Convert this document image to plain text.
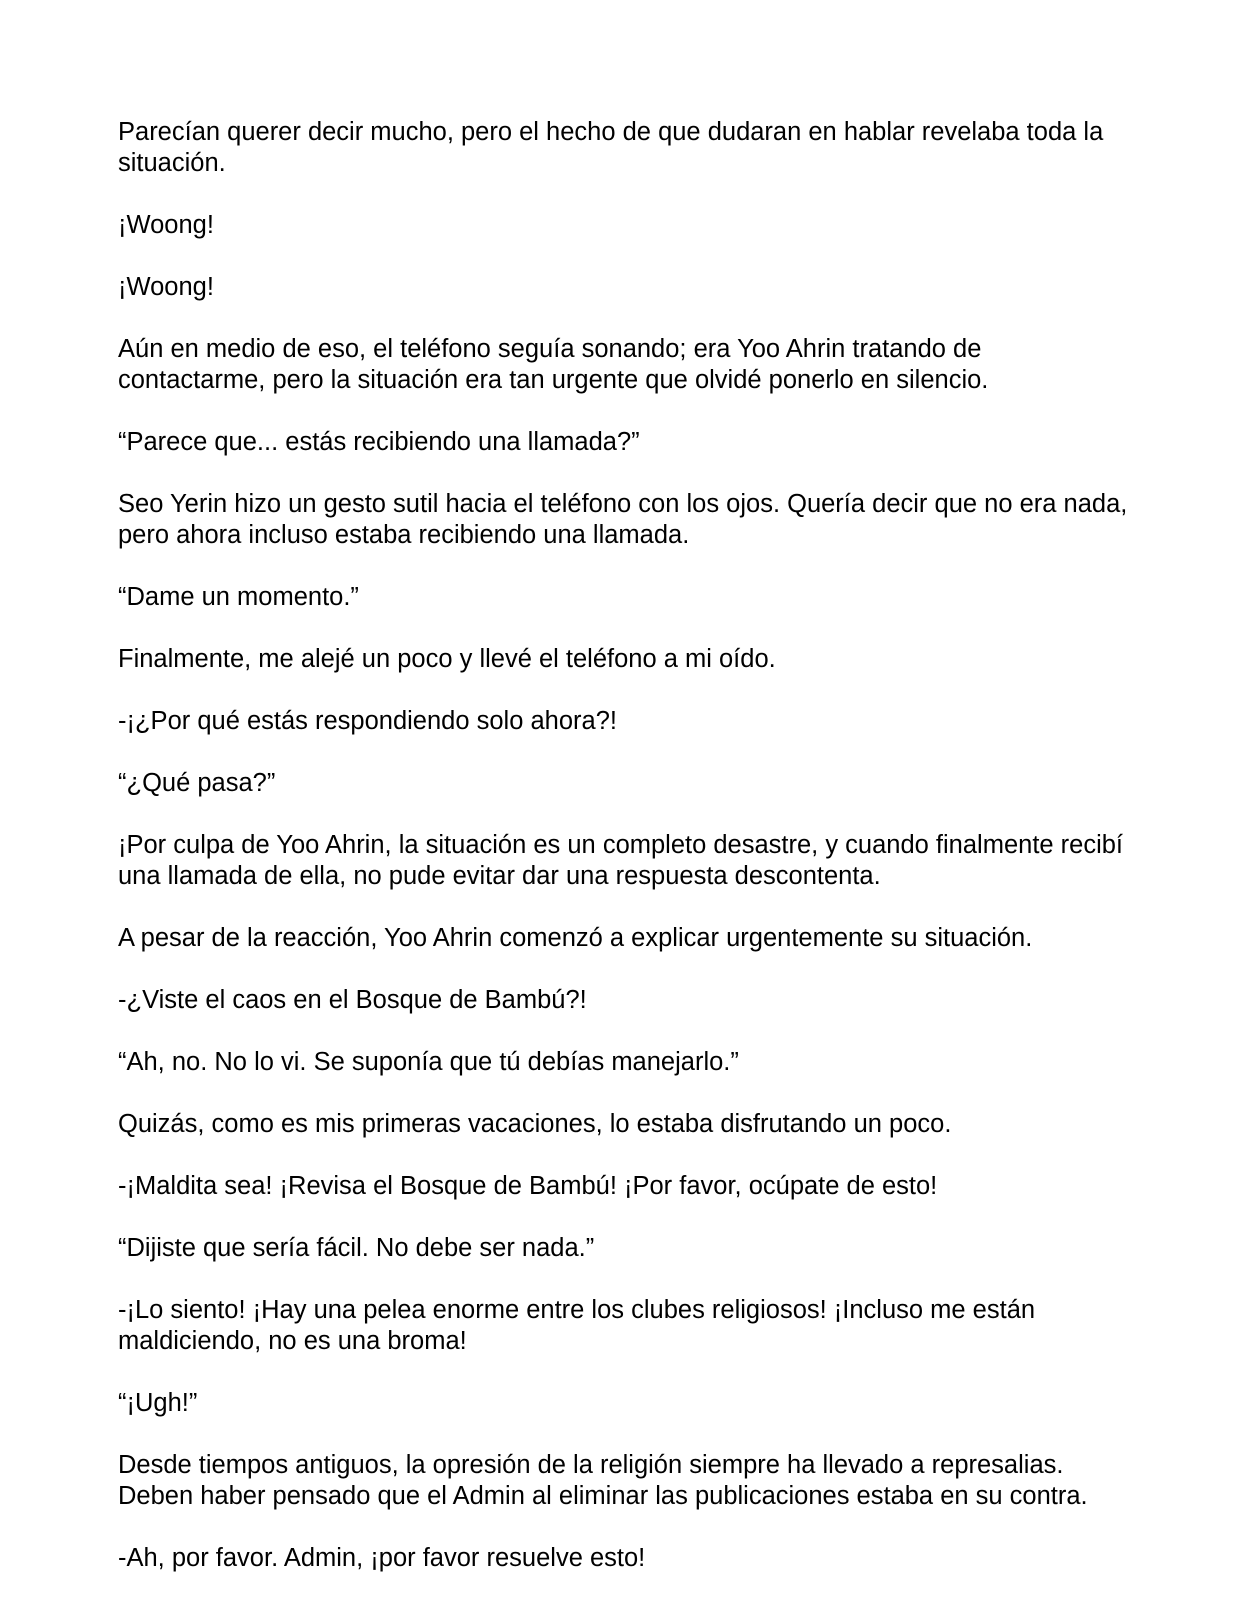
Parecían querer decir mucho, pero el hecho de que dudaran en hablar revelaba toda la situación.

¡Woong!

¡Woong!

Aún en medio de eso, el teléfono seguía sonando; era Yoo Ahrin tratando de contactarme, pero la situación era tan urgente que olvidé ponerlo en silencio.

“Parece que... estás recibiendo una llamada?”

Seo Yerin hizo un gesto sutil hacia el teléfono con los ojos. Quería decir que no era nada, pero ahora incluso estaba recibiendo una llamada.

“Dame un momento.”

Finalmente, me alejé un poco y llevé el teléfono a mi oído.

-¡¿Por qué estás respondiendo solo ahora?!

“¿Qué pasa?”

¡Por culpa de Yoo Ahrin, la situación es un completo desastre, y cuando finalmente recibí una llamada de ella, no pude evitar dar una respuesta descontenta.

A pesar de la reacción, Yoo Ahrin comenzó a explicar urgentemente su situación.

-¿Viste el caos en el Bosque de Bambú?!

“Ah, no. No lo vi. Se suponía que tú debías manejarlo.”

Quizás, como es mis primeras vacaciones, lo estaba disfrutando un poco.

-¡Maldita sea! ¡Revisa el Bosque de Bambú! ¡Por favor, ocúpate de esto!

“Dijiste que sería fácil. No debe ser nada.”

-¡Lo siento! ¡Hay una pelea enorme entre los clubes religiosos! ¡Incluso me están maldiciendo, no es una broma!

“¡Ugh!”

Desde tiempos antiguos, la opresión de la religión siempre ha llevado a represalias. Deben haber pensado que el Admin al eliminar las publicaciones estaba en su contra.

-Ah, por favor. Admin, ¡por favor resuelve esto!
